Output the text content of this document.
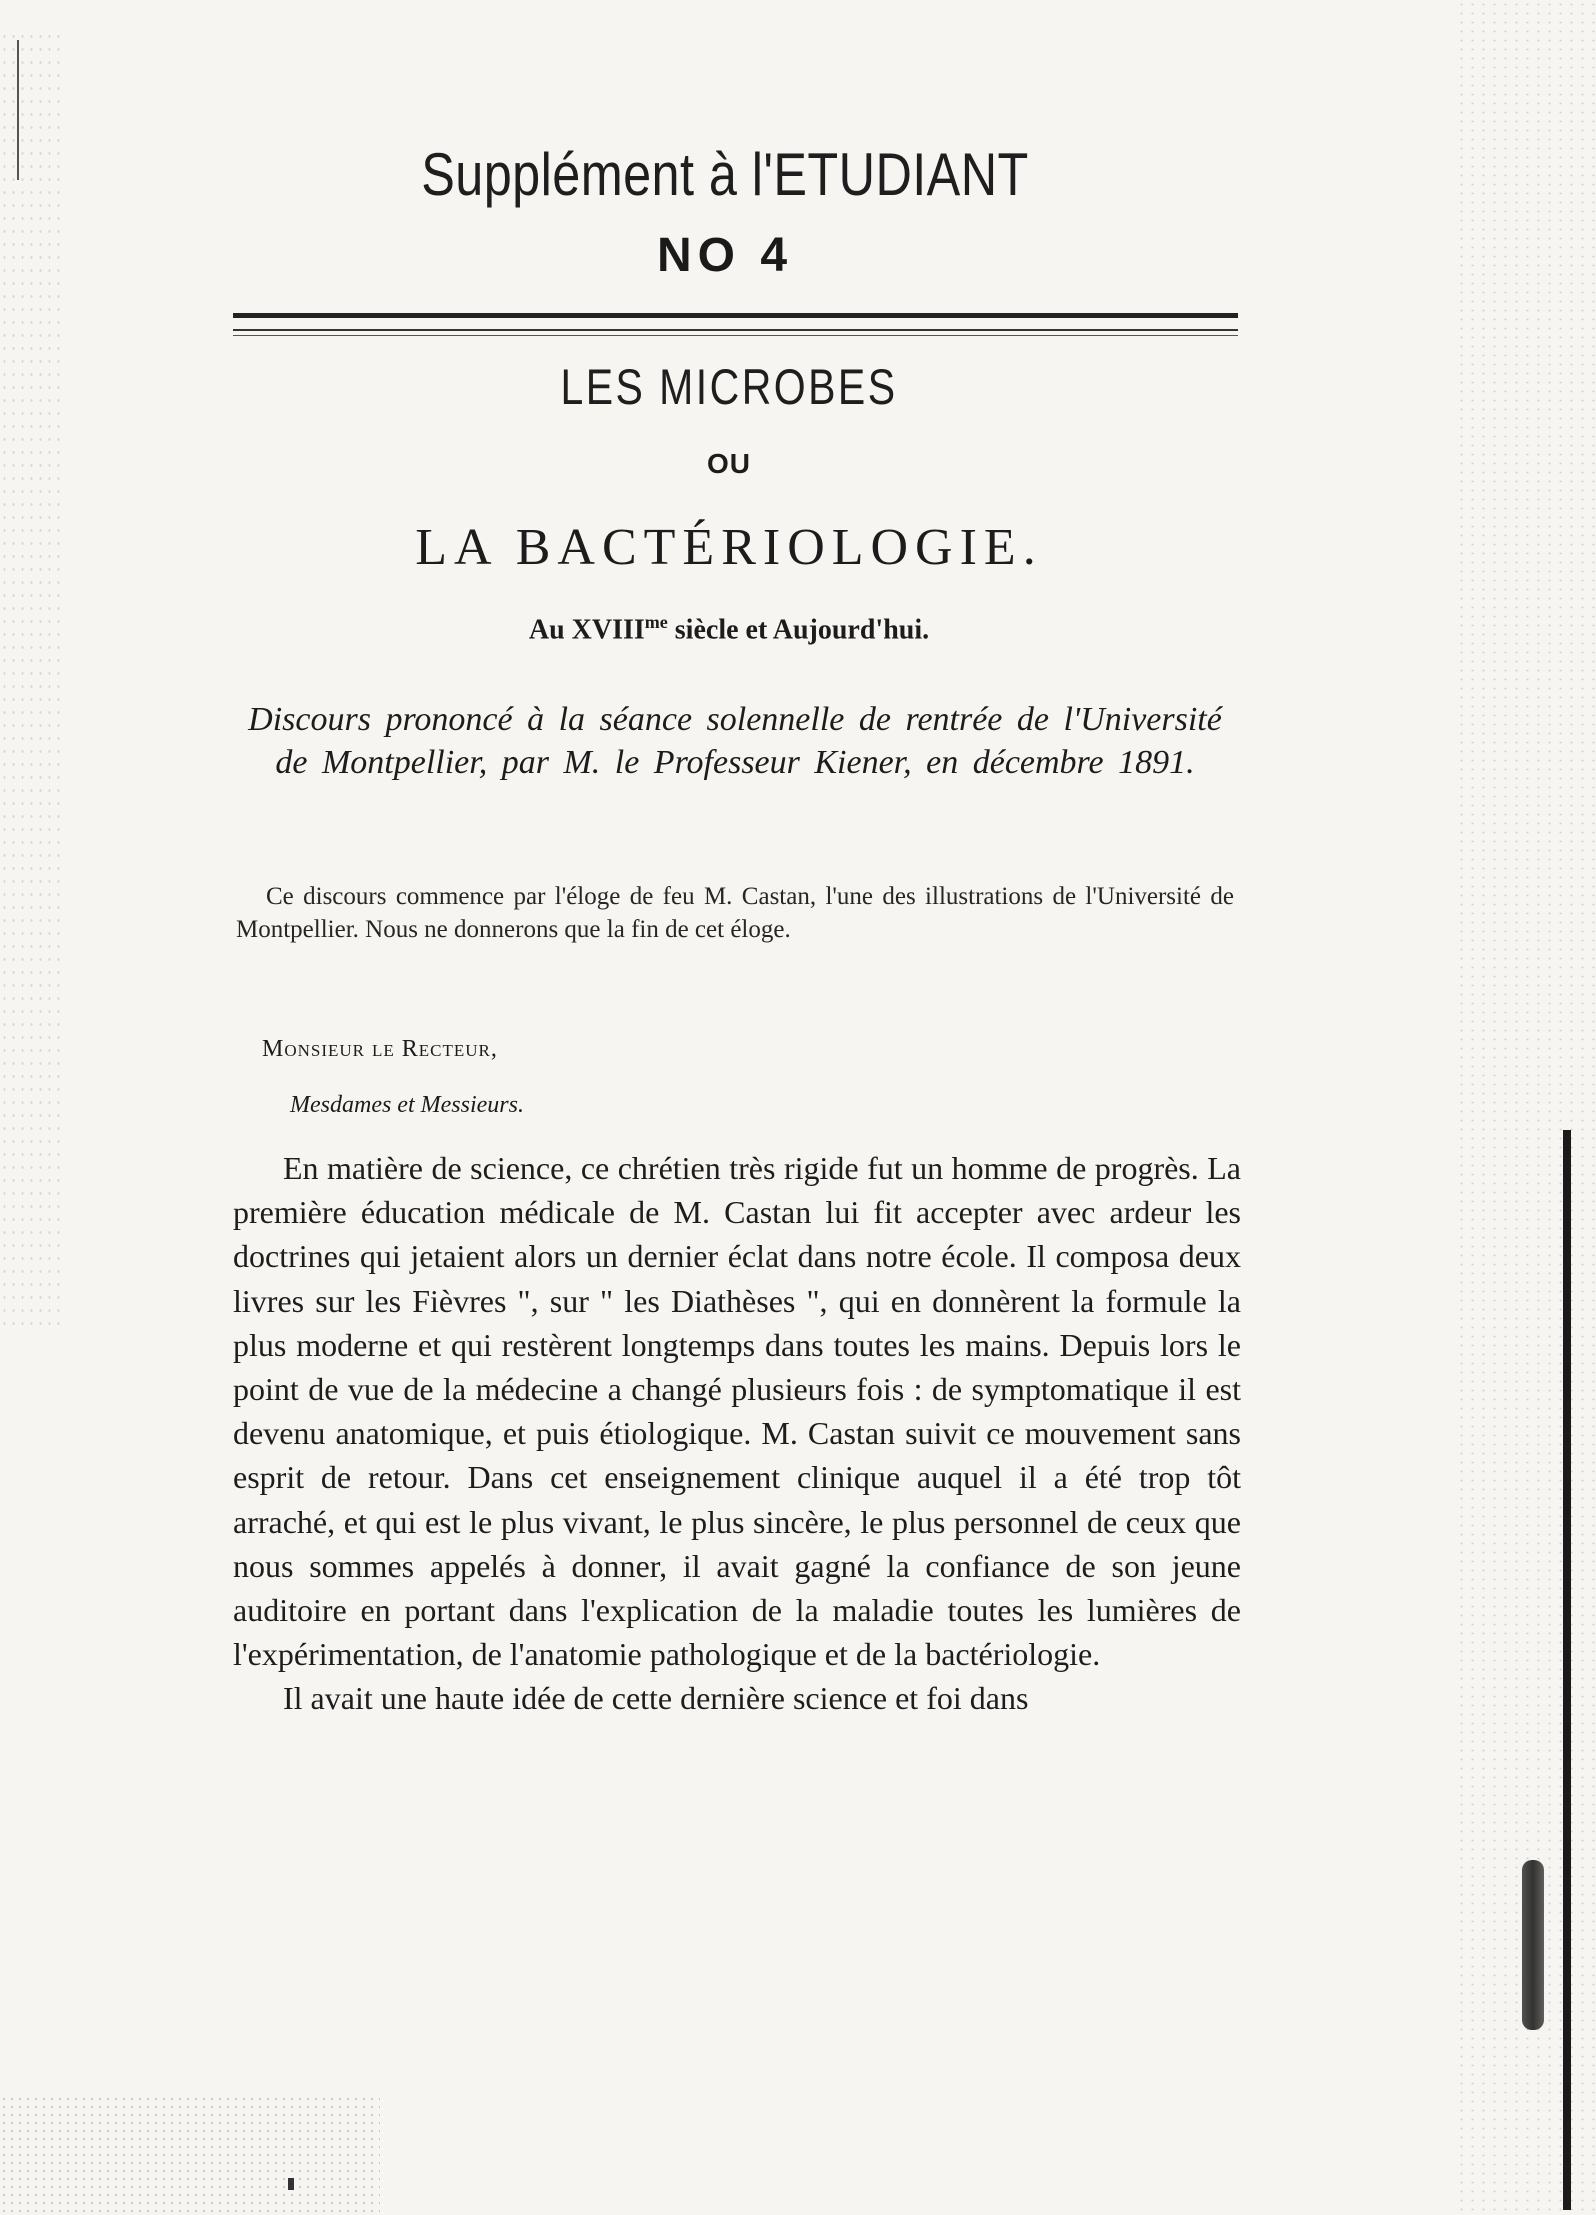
Supplément à l'ETUDIANT
NO 4
LES MICROBES
OU
LA BACTÉRIOLOGIE.
Au $XVIII^{me}$ siècle et Aujourd'hui.
Discours prononcé à la séance solennelle de rentrée de l'Université de Montpellier, par M. le Professeur Kiener, en décembre 1891.
Ce discours commence par l'éloge de feu M. Castan, l'une des illustrations de l'Université de Montpellier. Nous ne donnerons que la fin de cet éloge.
Monsieur le Recteur,
Mesdames et Messieurs.

En matière de science, ce chrétien très rigide fut un homme de progrès. La première éducation médicale de M. Castan lui fit accepter avec ardeur les doctrines qui jetaient alors un dernier éclat dans notre école. Il composa deux livres sur les Fièvres ", sur " les Diathèses ", qui en donnèrent la formule la plus moderne et qui restèrent longtemps dans toutes les mains. Depuis lors le point de vue de la médecine a changé plusieurs fois : de symptomatique il est devenu anatomique, et puis étiologique. M. Castan suivit ce mouvement sans esprit de retour. Dans cet enseignement clinique auquel il a été trop tôt arraché, et qui est le plus vivant, le plus sincère, le plus personnel de ceux que nous sommes appelés à donner, il avait gagné la confiance de son jeune auditoire en portant dans l'explication de la maladie toutes les lumières de l'expérimentation, de l'anatomie pathologique et de la bactériologie.

Il avait une haute idée de cette dernière science et foi dans
